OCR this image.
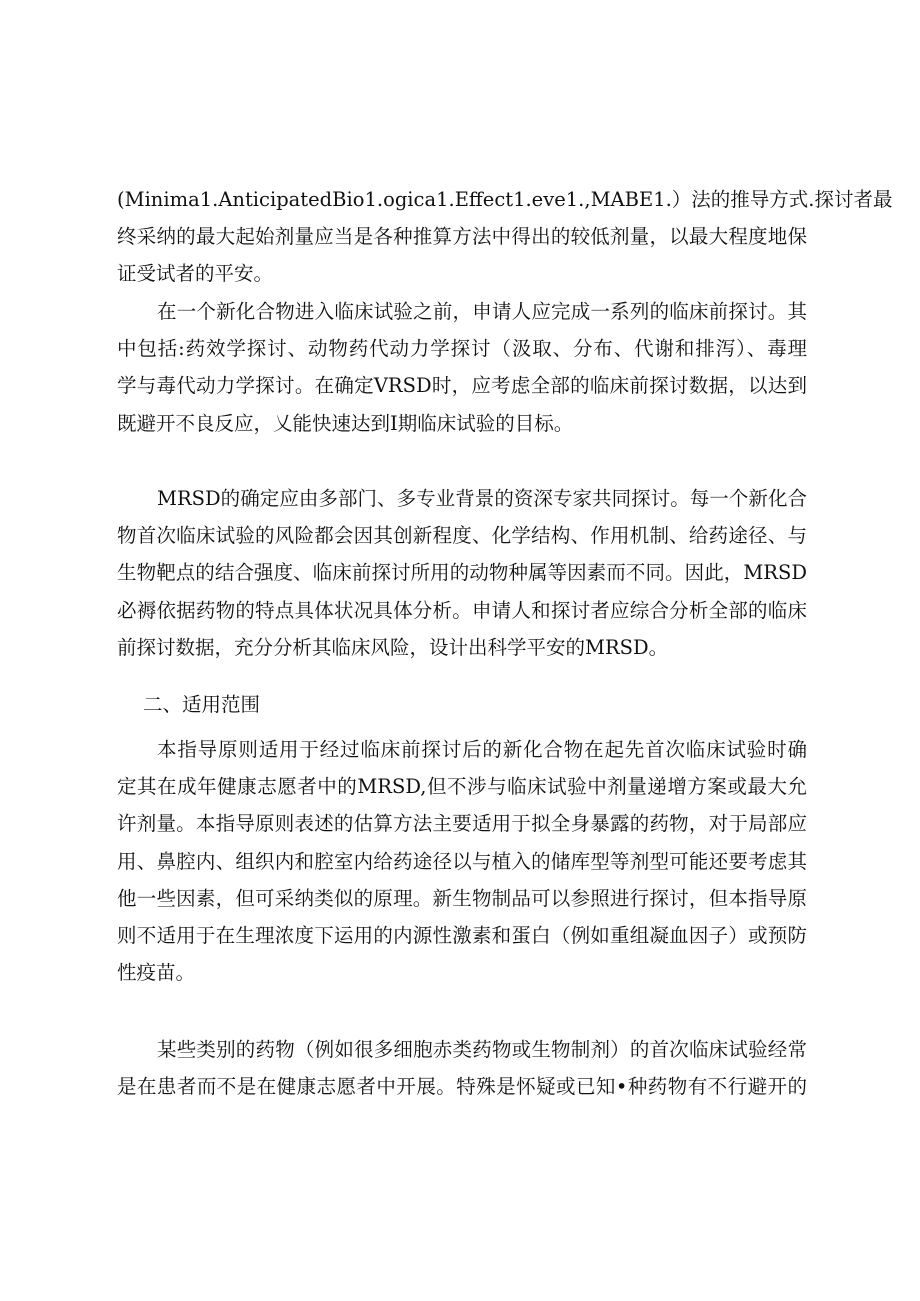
(Minima1.AnticipatedBio1.ogica1.Effect1.eve1.,MABE1.）法的推导方式.探讨者最
终采纳的最大起始剂量应当是各种推算方法中得出的较低剂量，以最大程度地保
证受试者的平安。
在一个新化合物进入临床试验之前，申请人应完成一系列的临床前探讨。其
中包括:药效学探讨、动物药代动力学探讨（汲取、分布、代谢和排泻）、毒理
学与毒代动力学探讨。在确定VRSD时，应考虑全部的临床前探讨数据，以达到
既避开不良反应，乂能快速达到I期临床试验的目标。
MRSD的确定应由多部门、多专业背景的资深专家共同探讨。每一个新化合
物首次临床试验的风险都会因其创新程度、化学结构、作用机制、给药途径、与
生物靶点的结合强度、临床前探讨所用的动物种属等因素而不同。因此，MRSD
必褥依据药物的特点具体状况具体分析。申请人和探讨者应综合分析全部的临床
前探讨数据，充分分析其临床风险，设计出科学平安的MRSD。
二、适用范围
本指导原则适用于经过临床前探讨后的新化合物在起先首次临床试验时确
定其在成年健康志愿者中的MRSD,但不涉与临床试验中剂量递增方案或最大允
许剂量。本指导原则表述的估算方法主要适用于拟全身暴露的药物，对于局部应
用、鼻腔内、组织内和腔室内给药途径以与植入的储库型等剂型可能还要考虑其
他一些因素，但可采纳类似的原理。新生物制品可以参照进行探讨，但本指导原
则不适用于在生理浓度下运用的内源性激素和蛋白（例如重组凝血因子）或预防
性疫苗。
某些类别的药物（例如很多细胞赤类药物或生物制剂）的首次临床试验经常
是在患者而不是在健康志愿者中开展。特殊是怀疑或已知•种药物有不行避开的
